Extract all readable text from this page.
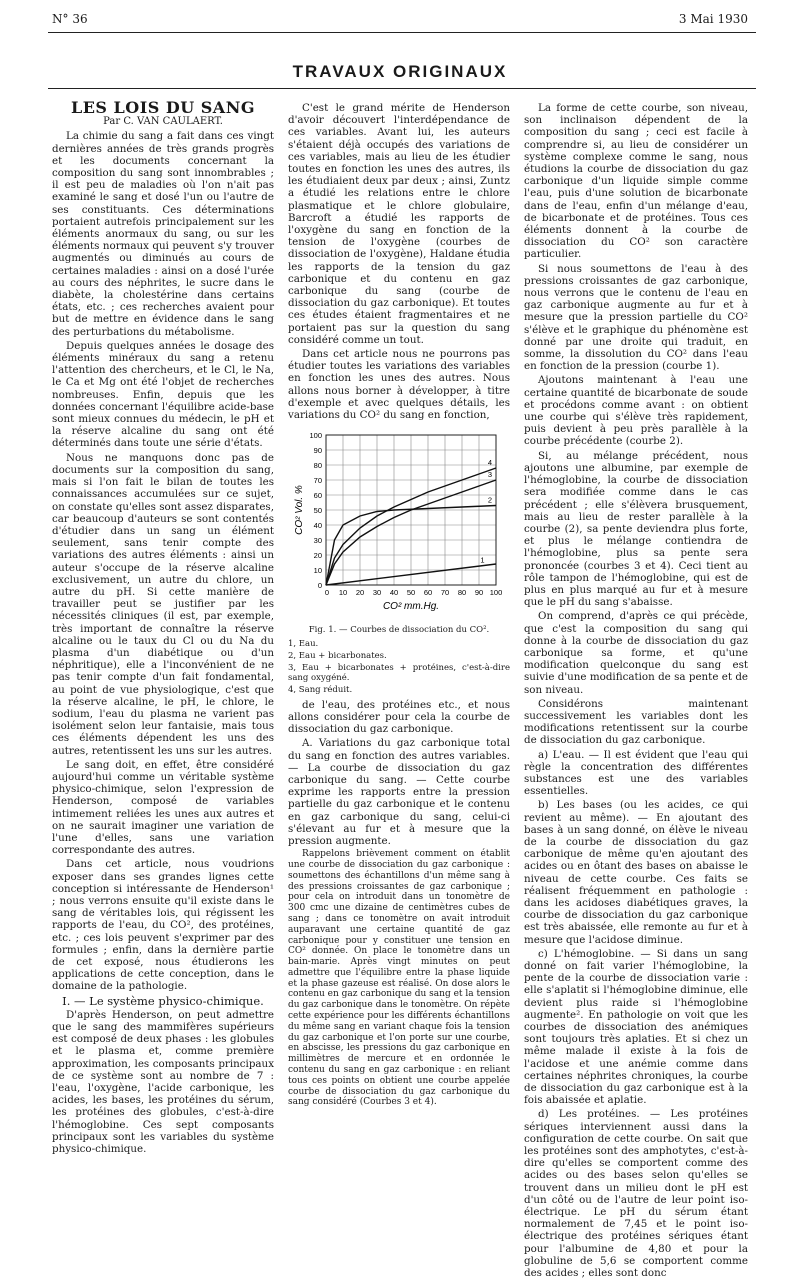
N° 36	3 Mai 1930
TRAVAUX ORIGINAUX

LES LOIS DU SANG

Par C. VAN CAULAERT.

La chimie du sang a fait dans ces vingt dernières années de très grands progrès et les documents concernant la composition du sang sont innombrables ; il est peu de maladies où l'on n'ait pas examiné le sang et dosé l'un ou l'autre de ses constituants. Ces déterminations portaient autrefois principalement sur les éléments anormaux du sang, ou sur les éléments normaux qui peuvent s'y trouver augmentés ou diminués au cours de certaines maladies : ainsi on a dosé l'urée au cours des néphrites, le sucre dans le diabète, la cholestérine dans certains états, etc. ; ces recherches avaient pour but de mettre en évidence dans le sang des perturbations du métabolisme.

Depuis quelques années le dosage des éléments minéraux du sang a retenu l'attention des chercheurs, et le Cl, le Na, le Ca et Mg ont été l'objet de recherches nombreuses. Enfin, depuis que les données concernant l'équilibre acide-base sont mieux connues du médecin, le pH et la réserve alcaline du sang ont été déterminés dans toute une série d'états.

Nous ne manquons donc pas de documents sur la composition du sang, mais si l'on fait le bilan de toutes les connaissances accumulées sur ce sujet, on constate qu'elles sont assez disparates, car beaucoup d'auteurs se sont contentés d'étudier dans un sang un élément seulement, sans tenir compte des variations des autres éléments : ainsi un auteur s'occupe de la réserve alcaline exclusivement, un autre du chlore, un autre du pH. Si cette manière de travailler peut se justifier par les nécessités cliniques (il est, par exemple, très important de connaître la réserve alcaline ou le taux du Cl ou du Na du plasma d'un diabétique ou d'un néphritique), elle a l'inconvénient de ne pas tenir compte d'un fait fondamental, au point de vue physiologique, c'est que la réserve alcaline, le pH, le chlore, le sodium, l'eau du plasma ne varient pas isolément selon leur fantaisie, mais tous ces éléments dépendent les uns des autres, retentissent les uns sur les autres.

Le sang doit, en effet, être considéré aujourd'hui comme un véritable système physico-chimique, selon l'expression de Henderson, composé de variables intimement reliées les unes aux autres et on ne saurait imaginer une variation de l'une d'elles, sans une variation correspondante des autres.

Dans cet article, nous voudrions exposer dans ses grandes lignes cette conception si intéressante de Henderson¹ ; nous verrons ensuite qu'il existe dans le sang de véritables lois, qui régissent les rapports de l'eau, du CO², des protéines, etc. ; ces lois peuvent s'exprimer par des formules ; enfin, dans la dernière partie de cet exposé, nous étudierons les applications de cette conception, dans le domaine de la pathologie.

I. — Le système physico-chimique.

D'après Henderson, on peut admettre que le sang des mammifères supérieurs est composé de deux phases : les globules et le plasma et, comme première approximation, les composants principaux de ce système sont au nombre de 7 : l'eau, l'oxygène, l'acide carbonique, les acides, les bases, les protéines du sérum, les protéines des globules, c'est-à-dire l'hémoglobine. Ces sept composants principaux sont les variables du système physico-chimique.

C'est le grand mérite de Henderson d'avoir découvert l'interdépendance de ces variables. Avant lui, les auteurs s'étaient déjà occupés des variations de ces variables, mais au lieu de les étudier toutes en fonction les unes des autres, ils les étudiaient deux par deux ; ainsi, Zuntz a étudié les relations entre le chlore plasmatique et le chlore globulaire, Barcroft a étudié les rapports de l'oxygène du sang en fonction de la tension de l'oxygène (courbes de dissociation de l'oxygène), Haldane étudia les rapports de la tension du gaz carbonique et du contenu en gaz carbonique du sang (courbe de dissociation du gaz carbonique). Et toutes ces études étaient fragmentaires et ne portaient pas sur la question du sang considéré comme un tout.

Dans cet article nous ne pourrons pas étudier toutes les variations des variables en fonction les unes des autres. Nous allons nous borner à développer, à titre d'exemple et avec quelques détails, les variations du CO² du sang en fonction,

0
10
20
30
40
50
60
70
80
90
100
10 20 30 40 50 60 70 80 90 100
0
CO² mm.Hg.
CO² Vol. %
1
2
3
4

Fig. 1. — Courbes de dissociation du CO².

1, Eau.

2, Eau + bicarbonates.

3, Eau + bicarbonates + protéines, c'est-à-dire sang oxygéné.

4, Sang réduit.

de l'eau, des protéines etc., et nous allons considérer pour cela la courbe de dissociation du gaz carbonique.

A. Variations du gaz carbonique total du sang en fonction des autres variables. — La courbe de dissociation du gaz carbonique du sang. — Cette courbe exprime les rapports entre la pression partielle du gaz carbonique et le contenu en gaz carbonique du sang, celui-ci s'élevant au fur et à mesure que la pression augmente.

Rappelons brièvement comment on établit une courbe de dissociation du gaz carbonique : soumettons des échantillons d'un même sang à des pressions croissantes de gaz carbonique ; pour cela on introduit dans un tonomètre de 300 cmc une dizaine de centimètres cubes de sang ; dans ce tonomètre on avait introduit auparavant une certaine quantité de gaz carbonique pour y constituer une tension en CO² donnée. On place le tonomètre dans un bain-marie. Après vingt minutes on peut admettre que l'équilibre entre la phase liquide et la phase gazeuse est réalisé. On dose alors le contenu en gaz carbonique du sang et la tension du gaz carbonique dans le tonomètre. On répète cette expérience pour les différents échantillons du même sang en variant chaque fois la tension du gaz carbonique et l'on porte sur une courbe, en abscisse, les pressions du gaz carbonique en millimètres de mercure et en ordonnée le contenu du sang en gaz carbonique : en reliant tous ces points on obtient une courbe appelée courbe de dissociation du gaz carbonique du sang considéré (Courbes 3 et 4).

La forme de cette courbe, son niveau, son inclinaison dépendent de la composition du sang ; ceci est facile à comprendre si, au lieu de considérer un système complexe comme le sang, nous étudions la courbe de dissociation du gaz carbonique d'un liquide simple comme l'eau, puis d'une solution de bicarbonate dans de l'eau, enfin d'un mélange d'eau, de bicarbonate et de protéines. Tous ces éléments donnent à la courbe de dissociation du CO² son caractère particulier.

Si nous soumettons de l'eau à des pressions croissantes de gaz carbonique, nous verrons que le contenu de l'eau en gaz carbonique augmente au fur et à mesure que la pression partielle du CO² s'élève et le graphique du phénomène est donné par une droite qui traduit, en somme, la dissolution du CO² dans l'eau en fonction de la pression (courbe 1).

Ajoutons maintenant à l'eau une certaine quantité de bicarbonate de soude et procédons comme avant : on obtient une courbe qui s'élève très rapidement, puis devient à peu près parallèle à la courbe précédente (courbe 2).

Si, au mélange précédent, nous ajoutons une albumine, par exemple de l'hémoglobine, la courbe de dissociation sera modifiée comme dans le cas précédent ; elle s'élèvera brusquement, mais au lieu de rester parallèle à la courbe (2), sa pente deviendra plus forte, et plus le mélange contiendra de l'hémoglobine, plus sa pente sera prononcée (courbes 3 et 4). Ceci tient au rôle tampon de l'hémoglobine, qui est de plus en plus marqué au fur et à mesure que le pH du sang s'abaisse.

On comprend, d'après ce qui précède, que c'est la composition du sang qui donne à la courbe de dissociation du gaz carbonique sa forme, et qu'une modification quelconque du sang est suivie d'une modification de sa pente et de son niveau.

Considérons maintenant successivement les variables dont les modifications retentissent sur la courbe de dissociation du gaz carbonique.

a) L'eau. — Il est évident que l'eau qui règle la concentration des différentes substances est une des variables essentielles.

b) Les bases (ou les acides, ce qui revient au même). — En ajoutant des bases à un sang donné, on élève le niveau de la courbe de dissociation du gaz carbonique de même qu'en ajoutant des acides ou en ôtant des bases on abaisse le niveau de cette courbe. Ces faits se réalisent fréquemment en pathologie : dans les acidoses diabétiques graves, la courbe de dissociation du gaz carbonique est très abaissée, elle remonte au fur et à mesure que l'acidose diminue.

c) L'hémoglobine. — Si dans un sang donné on fait varier l'hémoglobine, la pente de la courbe de dissociation varie : elle s'aplatit si l'hémoglobine diminue, elle devient plus raide si l'hémoglobine augmente². En pathologie on voit que les courbes de dissociation des anémiques sont toujours très aplaties. Et si chez un même malade il existe à la fois de l'acidose et une anémie comme dans certaines néphrites chroniques, la courbe de dissociation du gaz carbonique est à la fois abaissée et aplatie.

d) Les protéines. — Les protéines sériques interviennent aussi dans la configuration de cette courbe. On sait que les protéines sont des amphotytes, c'est-à-dire qu'elles se comportent comme des acides ou des bases selon qu'elles se trouvent dans un milieu dont le pH est d'un côté ou de l'autre de leur point iso-électrique. Le pH du sérum étant normalement de 7,45 et le point iso-électrique des protéines sériques étant pour l'albumine de 4,80 et pour la globuline de 5,6 se comportent comme des acides ; elles sont donc
